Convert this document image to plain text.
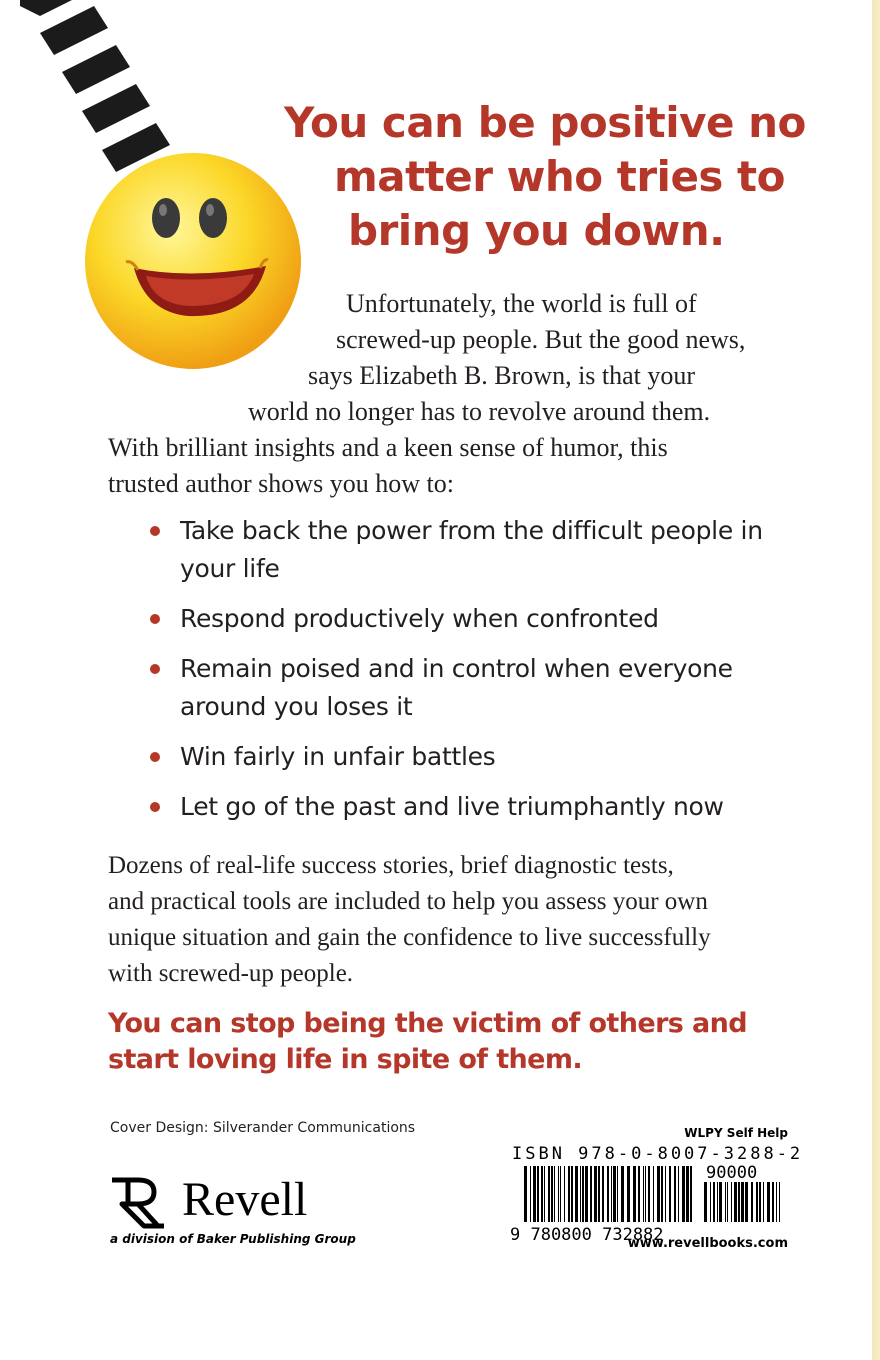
You can be positive no
matter who tries to
bring you down.
Unfortunately, the world is full of
screwed-up people. But the good news,
says Elizabeth B. Brown, is that your
world no longer has to revolve around them.
With brilliant insights and a keen sense of humor, this
trusted author shows you how to:
Take back the power from the difficult people in your life
Respond productively when confronted
Remain poised and in control when everyone around you loses it
Win fairly in unfair battles
Let go of the past and live triumphantly now
Dozens of real-life success stories, brief diagnostic tests,
and practical tools are included to help you assess your own
unique situation and gain the confidence to live successfully
with screwed-up people.
You can stop being the victim of others and
start loving life in spite of them.
Cover Design: Silverander Communications
Revell
a division of Baker Publishing Group
WLPY Self Help
ISBN 978-0-8007-3288-2
9 780800 732882
90000
www.revellbooks.com
